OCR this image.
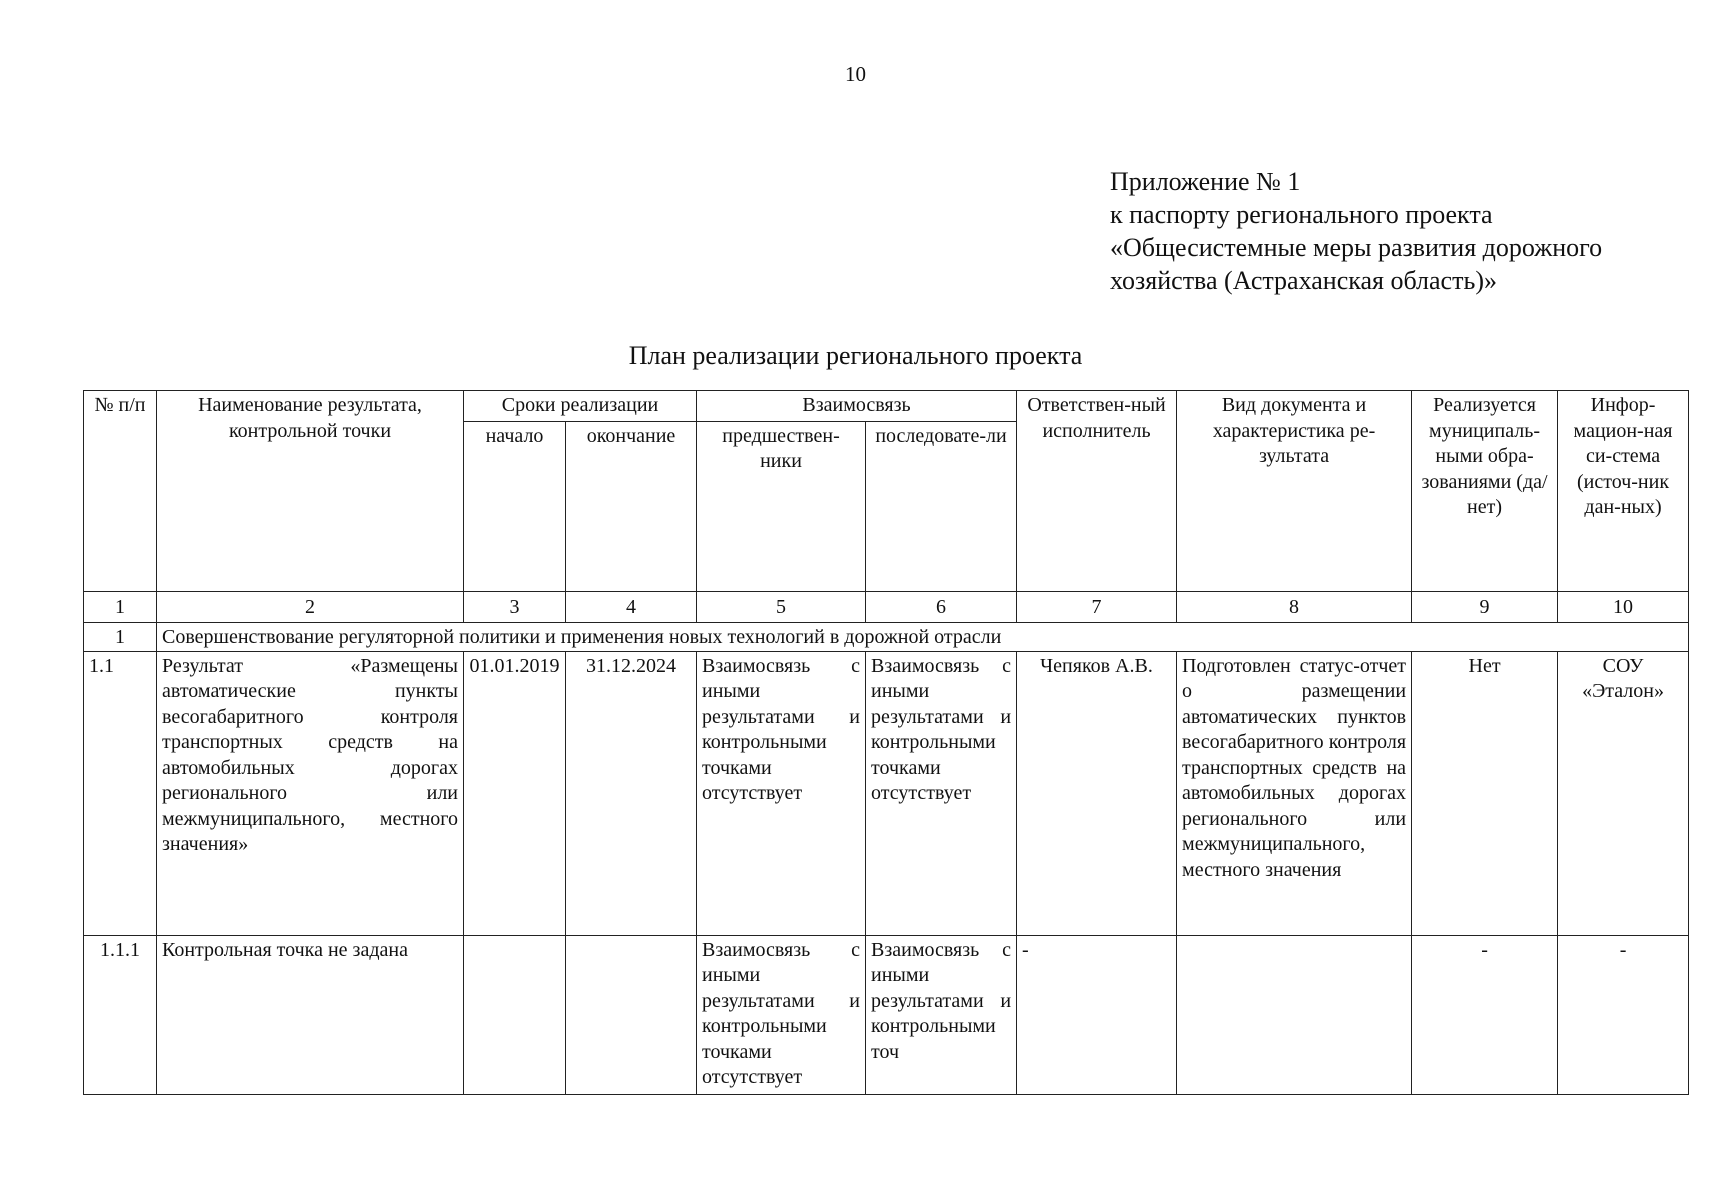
10
Приложение № 1
к паспорту регионального проекта
«Общесистемные меры развития дорожного
хозяйства (Астраханская область)»
План реализации регионального проекта
№ п/п	Наименование результата, контрольной точки	Сроки реализации		Взаимосвязь		Ответствен-ный исполнитель	Вид документа и характеристика ре-зультата	Реализуется муниципаль-ными обра-зованиями (да/нет)	Инфор-мацион-ная си-стема (источ-ник дан-ных)
		начало	окончание	предшествен-ники	последовате-ли				
1	2	3	4	5	6	7	8	9	10
1	Совершенствование регуляторной политики и применения новых технологий в дорожной отрасли								
1.1	Результат «Размещены автоматические пункты весогабаритного контроля транспортных средств на автомобильных дорогах регионального или межмуниципального, местного значения»	01.01.2019	31.12.2024	Взаимосвязь с иными результатами и контрольными точками отсутствует	Взаимосвязь с иными результатами и контрольными точками отсутствует	Чепяков А.В.	Подготовлен статус-отчет о размещении автоматических пунктов весогабаритного контроля транспортных средств на автомобильных дорогах регионального или межмуниципального, местного значения	Нет	СОУ «Эталон»
1.1.1	Контрольная точка не задана			Взаимосвязь с иными результатами и контрольными точками отсутствует	Взаимосвязь с иными результатами и контрольными точ	-		-	-
